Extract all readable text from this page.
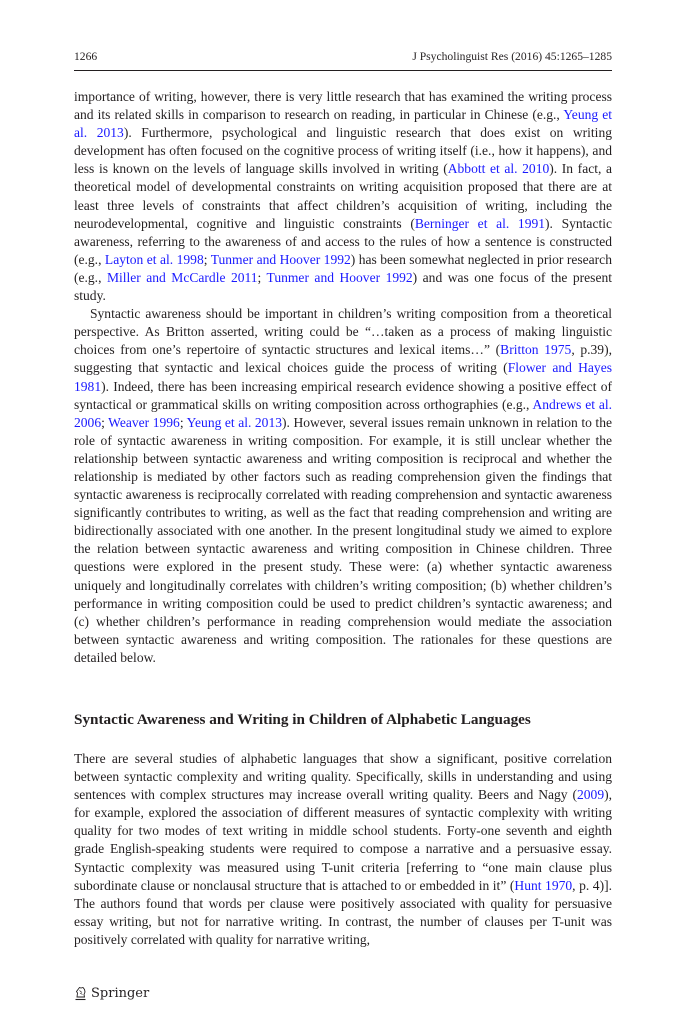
1266	J Psycholinguist Res (2016) 45:1265–1285

importance of writing, however, there is very little research that has examined the writing process and its related skills in comparison to research on reading, in particular in Chinese (e.g., Yeung et al. 2013). Furthermore, psychological and linguistic research that does exist on writing development has often focused on the cognitive process of writing itself (i.e., how it happens), and less is known on the levels of language skills involved in writing (Abbott et al. 2010). In fact, a theoretical model of developmental constraints on writing acquisition proposed that there are at least three levels of constraints that affect children’s acquisition of writing, including the neurodevelopmental, cognitive and linguistic constraints (Berninger et al. 1991). Syntactic awareness, referring to the awareness of and access to the rules of how a sentence is constructed (e.g., Layton et al. 1998; Tunmer and Hoover 1992) has been somewhat neglected in prior research (e.g., Miller and McCardle 2011; Tunmer and Hoover 1992) and was one focus of the present study.

Syntactic awareness should be important in children’s writing composition from a theoretical perspective. As Britton asserted, writing could be “…taken as a process of making linguistic choices from one’s repertoire of syntactic structures and lexical items…” (Britton 1975, p.39), suggesting that syntactic and lexical choices guide the process of writing (Flower and Hayes 1981). Indeed, there has been increasing empirical research evidence showing a positive effect of syntactical or grammatical skills on writing composition across orthographies (e.g., Andrews et al. 2006; Weaver 1996; Yeung et al. 2013). However, several issues remain unknown in relation to the role of syntactic awareness in writing composition. For example, it is still unclear whether the relationship between syntactic awareness and writing composition is reciprocal and whether the relationship is mediated by other factors such as reading comprehension given the findings that syntactic awareness is reciprocally correlated with reading comprehension and syntactic awareness significantly contributes to writing, as well as the fact that reading comprehension and writing are bidirectionally associated with one another. In the present longitudinal study we aimed to explore the relation between syntactic awareness and writing composition in Chinese children. Three questions were explored in the present study. These were: (a) whether syntactic awareness uniquely and longitudinally correlates with children’s writing composition; (b) whether children’s performance in writing composition could be used to predict children’s syntactic awareness; and (c) whether children’s performance in reading comprehension would mediate the association between syntactic awareness and writing composition. The rationales for these questions are detailed below.

Syntactic Awareness and Writing in Children of Alphabetic Languages

There are several studies of alphabetic languages that show a significant, positive correlation between syntactic complexity and writing quality. Specifically, skills in understanding and using sentences with complex structures may increase overall writing quality. Beers and Nagy (2009), for example, explored the association of different measures of syntactic complexity with writing quality for two modes of text writing in middle school students. Forty-one seventh and eighth grade English-speaking students were required to compose a narrative and a persuasive essay. Syntactic complexity was measured using T-unit criteria [referring to “one main clause plus subordinate clause or nonclausal structure that is attached to or embedded in it” (Hunt 1970, p. 4)]. The authors found that words per clause were positively associated with quality for persuasive essay writing, but not for narrative writing. In contrast, the number of clauses per T-unit was positively correlated with quality for narrative writing,

Springer
